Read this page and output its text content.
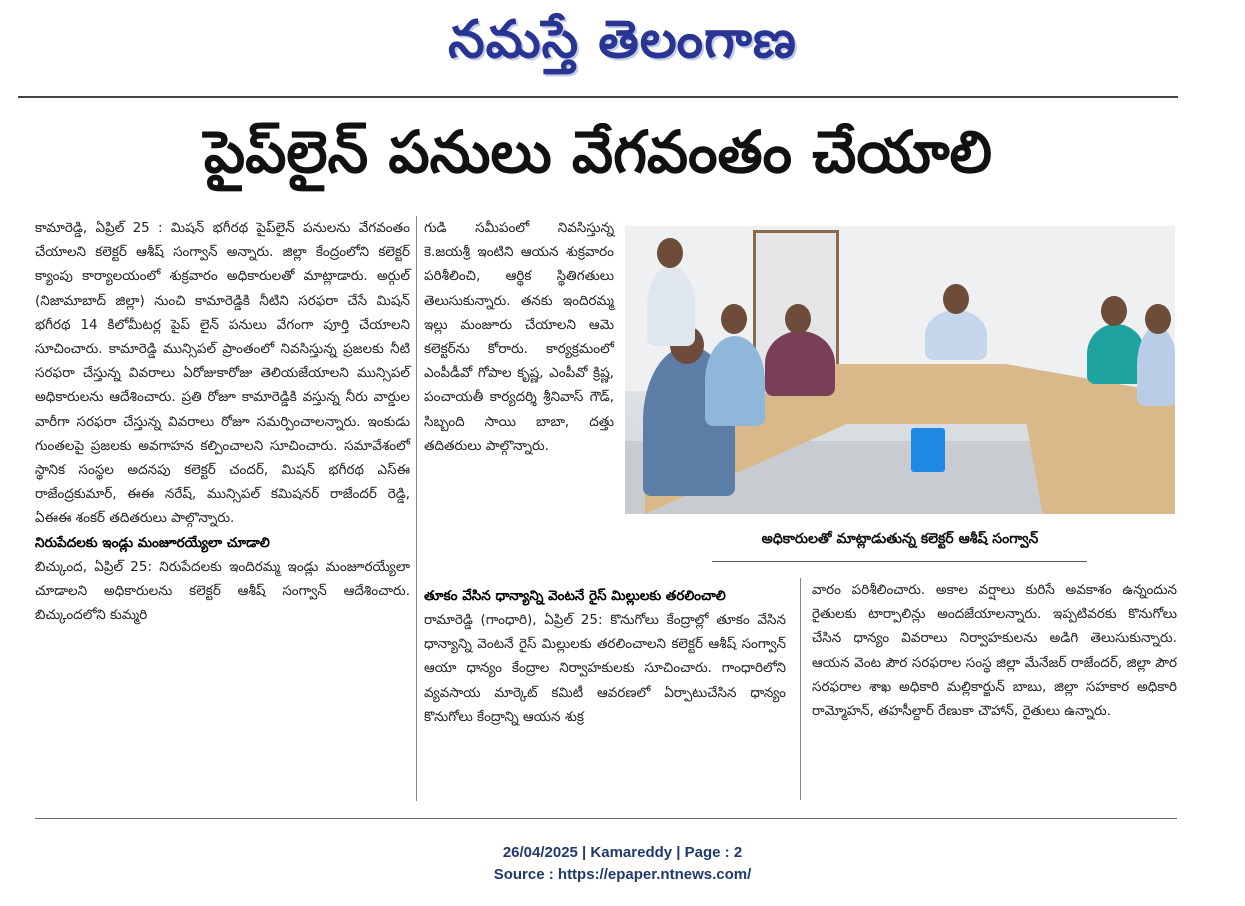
నమస్తే తెలంగాణ
పైప్‌లైన్ పనులు వేగవంతం చేయాలి

కామారెడ్డి, ఏప్రిల్ 25 : మిషన్ భగీరథ పైప్‌లైన్ పనులను వేగవంతం చేయాలని కలెక్టర్ ఆశీష్ సంగ్వాన్ అన్నారు. జిల్లా కేంద్రంలోని కలెక్టర్ క్యాంపు కార్యాలయంలో శుక్రవారం అధికారులతో మాట్లాడారు. అర్గుల్ (నిజామాబాద్ జిల్లా) నుంచి కామారెడ్డికి నీటిని సరఫరా చేసే మిషన్ భగీరథ 14 కిలోమీటర్ల పైప్ లైన్ పనులు వేగంగా పూర్తి చేయాలని సూచించారు. కామారెడ్డి మున్సిపల్ ప్రాంతంలో నివసిస్తున్న ప్రజలకు నీటి సరఫరా చేస్తున్న వివరాలు ఏరోజుకారోజు తెలియజేయాలని మున్సిపల్ అధికారులను ఆదేశించారు. ప్రతి రోజూ కామారెడ్డికి వస్తున్న నీరు వార్డుల వారీగా సరఫరా చేస్తున్న వివరాలు రోజూ సమర్పించాలన్నారు. ఇంకుడు గుంతలపై ప్రజలకు అవగాహన కల్పించాలని సూచించారు. సమావేశంలో స్థానిక సంస్థల అదనపు కలెక్టర్ చందర్, మిషన్ భగీరథ ఎస్ఈ రాజేంద్రకుమార్, ఈఈ నరేష్, మున్సిపల్ కమిషనర్ రాజేందర్ రెడ్డి, ఏఈఈ శంకర్ తదితరులు పాల్గొన్నారు.

నిరుపేదలకు ఇండ్లు మంజూరయ్యేలా చూడాలి

బిచ్కుంద, ఏప్రిల్ 25: నిరుపేదలకు ఇందిరమ్మ ఇండ్లు మంజూరయ్యేలా చూడాలని అధికారులను కలెక్టర్ ఆశీష్ సంగ్వాన్ ఆదేశించారు. బిచ్కుందలోని కుమ్మరి

గుడి సమీపంలో నివసిస్తున్న కె.జయశ్రీ ఇంటిని ఆయన శుక్రవారం పరిశీలించి, ఆర్థిక స్థితిగతులు తెలుసుకున్నారు. తనకు ఇందిరమ్మ ఇల్లు మంజూరు చేయాలని ఆమె కలెక్టర్‌ను కోరారు. కార్యక్రమంలో ఎంపీడీవో గోపాల కృష్ణ, ఎంపీవో క్రిష్ణ, పంచాయతీ కార్యదర్శి శ్రీనివాస్ గౌడ్, సిబ్బంది సాయి బాబా, దత్తు తదితరులు పాల్గొన్నారు.

అధికారులతో మాట్లాడుతున్న కలెక్టర్ ఆశీష్ సంగ్వాన్

తూకం వేసిన ధాన్యాన్ని వెంటనే రైస్ మిల్లులకు తరలించాలి

రామారెడ్డి (గాంధారి), ఏప్రిల్ 25: కొనుగోలు కేంద్రాల్లో తూకం వేసిన ధాన్యాన్ని వెంటనే రైస్ మిల్లులకు తరలించాలని కలెక్టర్ ఆశీష్ సంగ్వాన్ ఆయా ధాన్యం కేంద్రాల నిర్వాహకులకు సూచించారు. గాంధారిలోని వ్యవసాయ మార్కెట్ కమిటీ ఆవరణలో ఏర్పాటుచేసిన ధాన్యం కొనుగోలు కేంద్రాన్ని ఆయన శుక్ర

వారం పరిశీలించారు. అకాల వర్షాలు కురిసే అవకాశం ఉన్నందున రైతులకు టార్పాలిన్లు అందజేయాలన్నారు. ఇప్పటివరకు కొనుగోలు చేసిన ధాన్యం వివరాలు నిర్వాహకులను అడిగి తెలుసుకున్నారు. ఆయన వెంట పౌర సరఫరాల సంస్థ జిల్లా మేనేజర్ రాజేందర్, జిల్లా పౌర సరఫరాల శాఖ అధికారి మల్లికార్జున్ బాబు, జిల్లా సహకార అధికారి రామ్మోహన్, తహసీల్దార్ రేణుకా చౌహాన్, రైతులు ఉన్నారు.

26/04/2025 | Kamareddy | Page : 2
Source : https://epaper.ntnews.com/
